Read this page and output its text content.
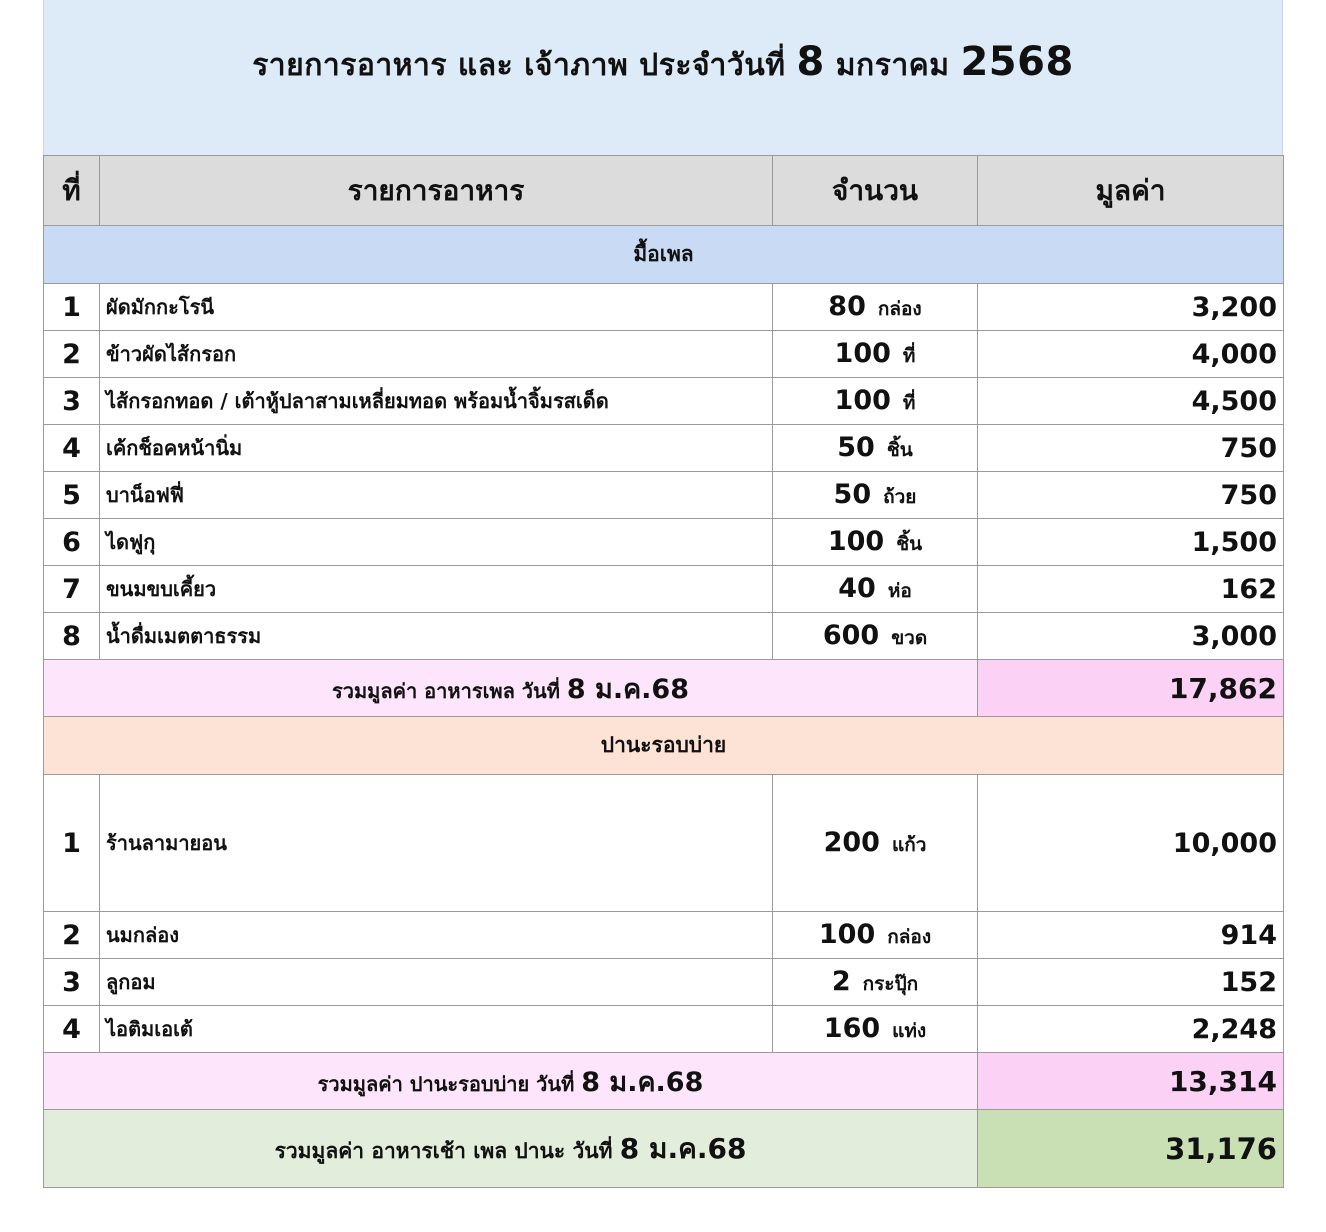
รายการอาหาร และ เจ้าภาพ ประจำวันที่ 8 มกราคม 2568
ที่	รายการอาหาร	จำนวน	มูลค่า
มื้อเพล			
1	ผัดมักกะโรนี	80 กล่อง	3,200
2	ข้าวผัดไส้กรอก	100 ที่	4,000
3	ไส้กรอกทอด / เต้าหู้ปลาสามเหลี่ยมทอด พร้อมน้ำจิ้มรสเด็ด	100 ที่	4,500
4	เค้กช็อคหน้านิ่ม	50 ชิ้น	750
5	บาน็อฟฟี่	50 ถ้วย	750
6	ไดฟูกุ	100 ชิ้น	1,500
7	ขนมขบเคี้ยว	40 ห่อ	162
8	น้ำดื่มเมตตาธรรม	600 ขวด	3,000
รวมมูลค่า อาหารเพล วันที่ 8 ม.ค.68			17,862
ปานะรอบบ่าย			
1	ร้านลามายอน	200 แก้ว	10,000
2	นมกล่อง	100 กล่อง	914
3	ลูกอม	2 กระปุ๊ก	152
4	ไอติมเอเต้	160 แท่ง	2,248
รวมมูลค่า ปานะรอบบ่าย วันที่ 8 ม.ค.68			13,314
รวมมูลค่า อาหารเช้า เพล ปานะ วันที่ 8 ม.ค.68			31,176
